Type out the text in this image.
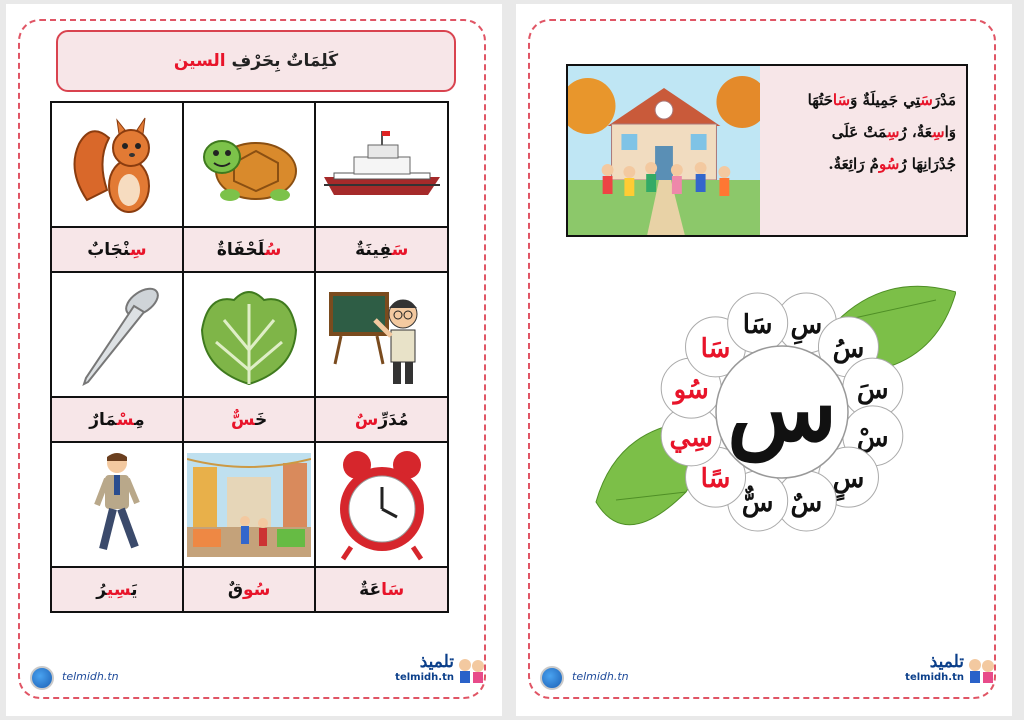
كَلِمَاتٌ بِحَرْفِ

السين

سَفِينَةٌ	سُلَحْفَاةٌ	سِنْجَابٌ

مُدَرِّسٌ	خَسٌّ	مِسْمَارٌ

سَاعَةٌ	سُوقٌ	يَسِيرُ
telmidh.tn
تلميذ
telmidh.tn
مَدْرَسَتِي جَمِيلَةٌ وَسَاحَتُهَا
وَاسِعَةٌ، رُسِمَتْ عَلَى
جُدْرَانِهَا رُسُومٌ رَائِعَةٌ.
سِ
سُ
سَ
سْ
سٍ
سٌ
سٌّ
سًا
سِي
سُو
سَا
سَا
س
telmidh.tn
تلميذ
telmidh.tn
